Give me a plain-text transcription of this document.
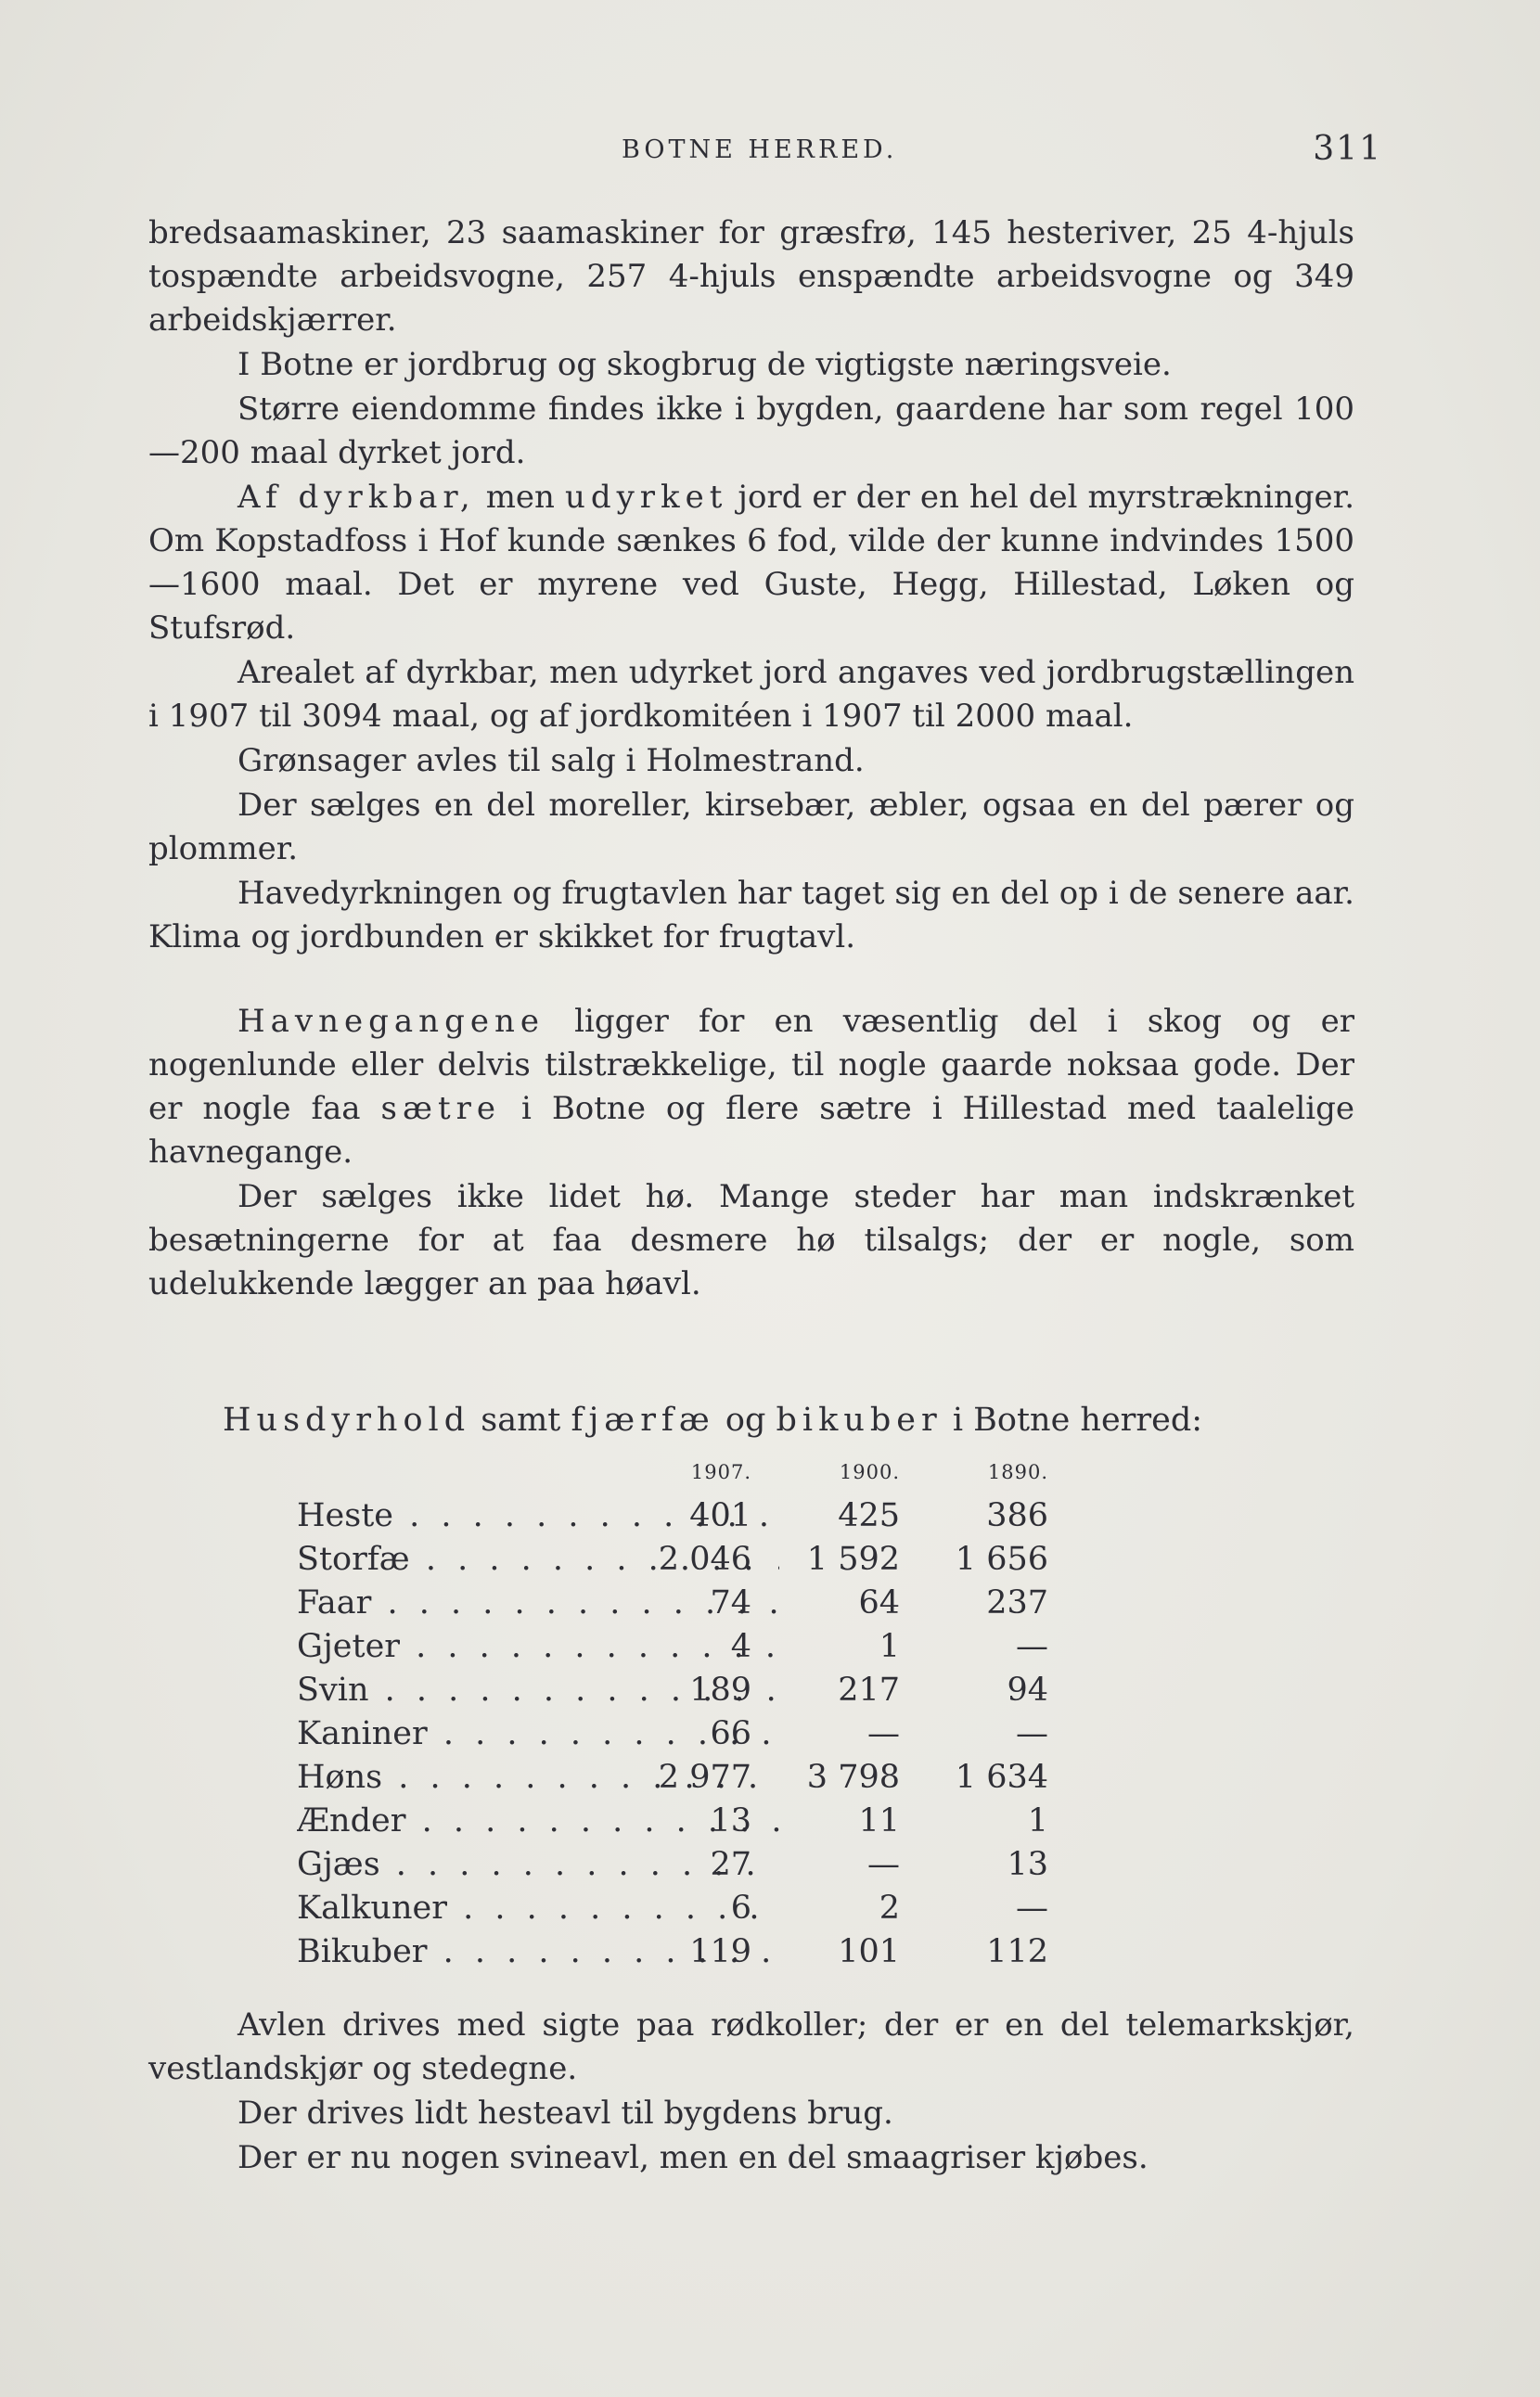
BOTNE HERRED.	311

bredsaamaskiner, 23 saamaskiner for græsfrø, 145 hesteriver, 25 4-hjuls tospændte arbeidsvogne, 257 4-hjuls enspændte arbeidsvogne og 349 arbeidskjærrer.

I Botne er jordbrug og skogbrug de vigtigste næringsveie.

Større eiendomme findes ikke i bygden, gaardene har som regel 100—200 maal dyrket jord.

Af dyrkbar, men udyrket jord er der en hel del myrstrækninger. Om Kopstadfoss i Hof kunde sænkes 6 fod, vilde der kunne indvindes 1500—1600 maal. Det er myrene ved Guste, Hegg, Hillestad, Løken og Stufsrød.

Arealet af dyrkbar, men udyrket jord angaves ved jordbrugstællingen i 1907 til 3094 maal, og af jordkomitéen i 1907 til 2000 maal.

Grønsager avles til salg i Holmestrand.

Der sælges en del moreller, kirsebær, æbler, ogsaa en del pærer og plommer.

Havedyrkningen og frugtavlen har taget sig en del op i de senere aar. Klima og jordbunden er skikket for frugtavl.

Havnegangene ligger for en væsentlig del i skog og er nogenlunde eller delvis tilstrækkelige, til nogle gaarde noksaa gode. Der er nogle faa sætre i Botne og flere sætre i Hillestad med taalelige havnegange.

Der sælges ikke lidet hø. Mange steder har man indskrænket besætningerne for at faa desmere hø tilsalgs; der er nogle, som udelukkende lægger an paa høavl.

Husdyrhold samt fjærfæ og bikuber i Botne herred:
1907.	1900.	1890.
Heste . . .	401	425	386
Storfæ . . .	2 046	1 592	1 656
Faar . . .	74	64	237
Gjeter . . .	4	1	—
Svin . . .	189	217	94
Kaniner . . .	66	—	—
Høns . . .	2 977	3 798	1 634
Ænder . . .	13	11	1
Gjæs . . .	27	—	13
Kalkuner . . .	6	2	—
Bikuber . . .	119	101	112

Avlen drives med sigte paa rødkoller; der er en del telemarkskjør, vestlandskjør og stedegne.

Der drives lidt hesteavl til bygdens brug.

Der er nu nogen svineavl, men en del smaagriser kjøbes.
